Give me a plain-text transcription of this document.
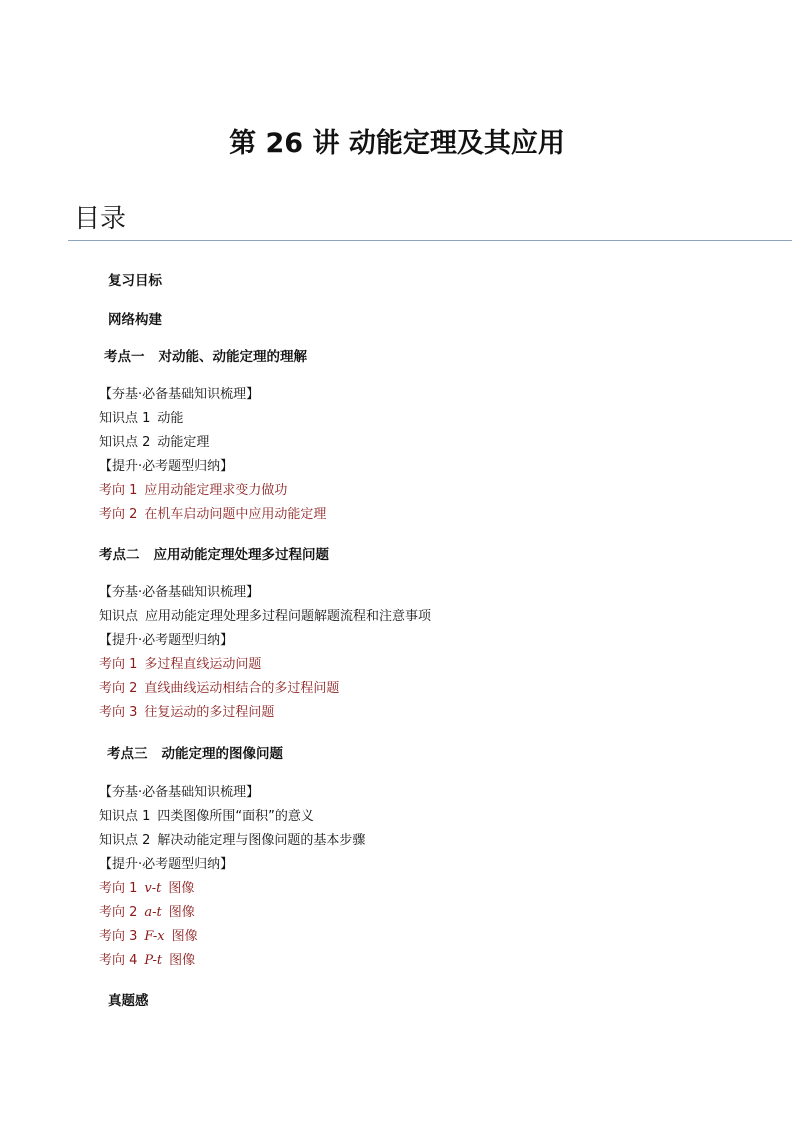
第 26 讲 动能定理及其应用
目录
复习目标
网络构建
考点一 对动能、动能定理的理解
【夯基·必备基础知识梳理】
知识点 1 动能
知识点 2 动能定理
【提升·必考题型归纳】
考向 1 应用动能定理求变力做功
考向 2 在机车启动问题中应用动能定理
考点二 应用动能定理处理多过程问题
【夯基·必备基础知识梳理】
知识点 应用动能定理处理多过程问题解题流程和注意事项
【提升·必考题型归纳】
考向 1 多过程直线运动问题
考向 2 直线曲线运动相结合的多过程问题
考向 3 往复运动的多过程问题
考点三 动能定理的图像问题
【夯基·必备基础知识梳理】
知识点 1 四类图像所围“面积”的意义
知识点 2 解决动能定理与图像问题的基本步骤
【提升·必考题型归纳】
考向 1 v-t 图像
考向 2 a-t 图像
考向 3 F-x 图像
考向 4 P-t 图像
真题感
